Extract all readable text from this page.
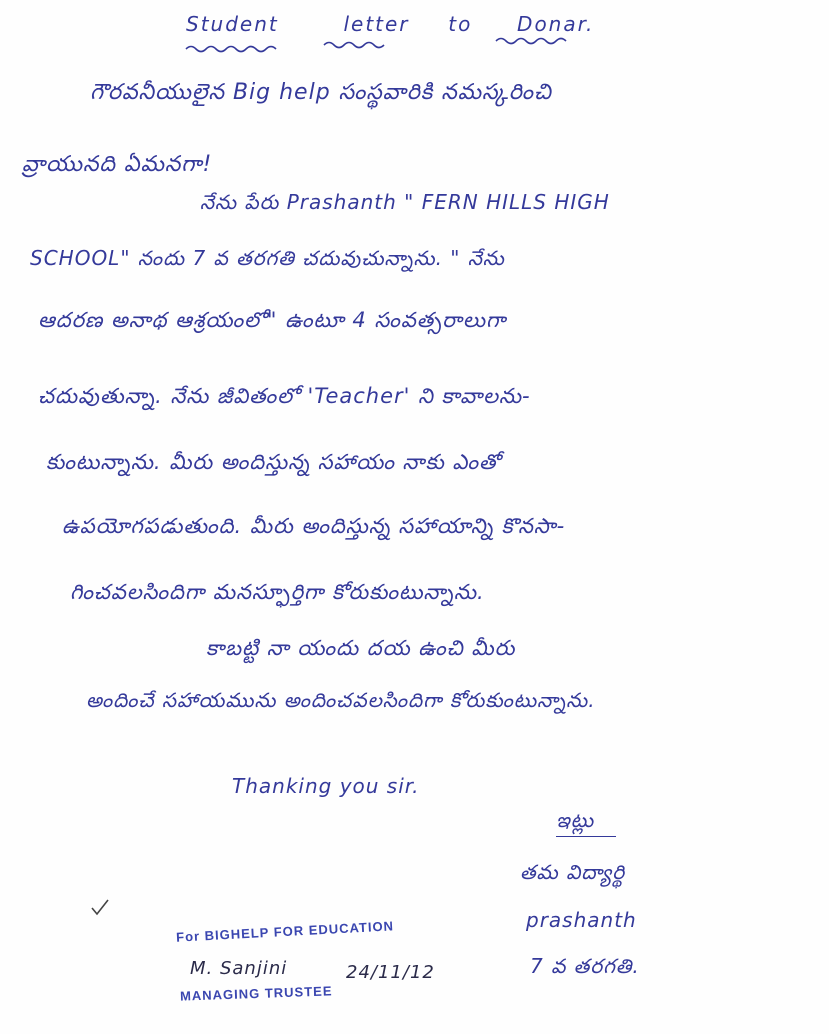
Student	letter to Donar.
గౌరవనీయులైన Big help సంస్థవారికి నమస్కరించి
వ్రాయునది ఏమనగా!
నేను పేరు Prashanth " FERN HILLS HIGH
SCHOOL" నందు 7 వ తరగతి చదువుచున్నాను. " నేను
ఆదరణ అనాథ ఆశ్రయంలో" ఉంటూ 4 సంవత్సరాలుగా
చదువుతున్నా. నేను జీవితంలో 'Teacher' ని కావాలను-
కుంటున్నాను. మీరు అందిస్తున్న సహాయం నాకు ఎంతో
ఉపయోగపడుతుంది. మీరు అందిస్తున్న సహాయాన్ని కొనసా-
గించవలసిందిగా మనస్ఫూర్తిగా కోరుకుంటున్నాను.
కాబట్టి నా యందు దయ ఉంచి మీరు
అందించే సహాయమును అందించవలసిందిగా కోరుకుంటున్నాను.
Thanking you sir.
ఇట్లు
తమ విద్యార్థి
prashanth
7 వ తరగతి.
For BIGHELP FOR EDUCATION
M. Sanjini	24/11/12
MANAGING TRUSTEE
